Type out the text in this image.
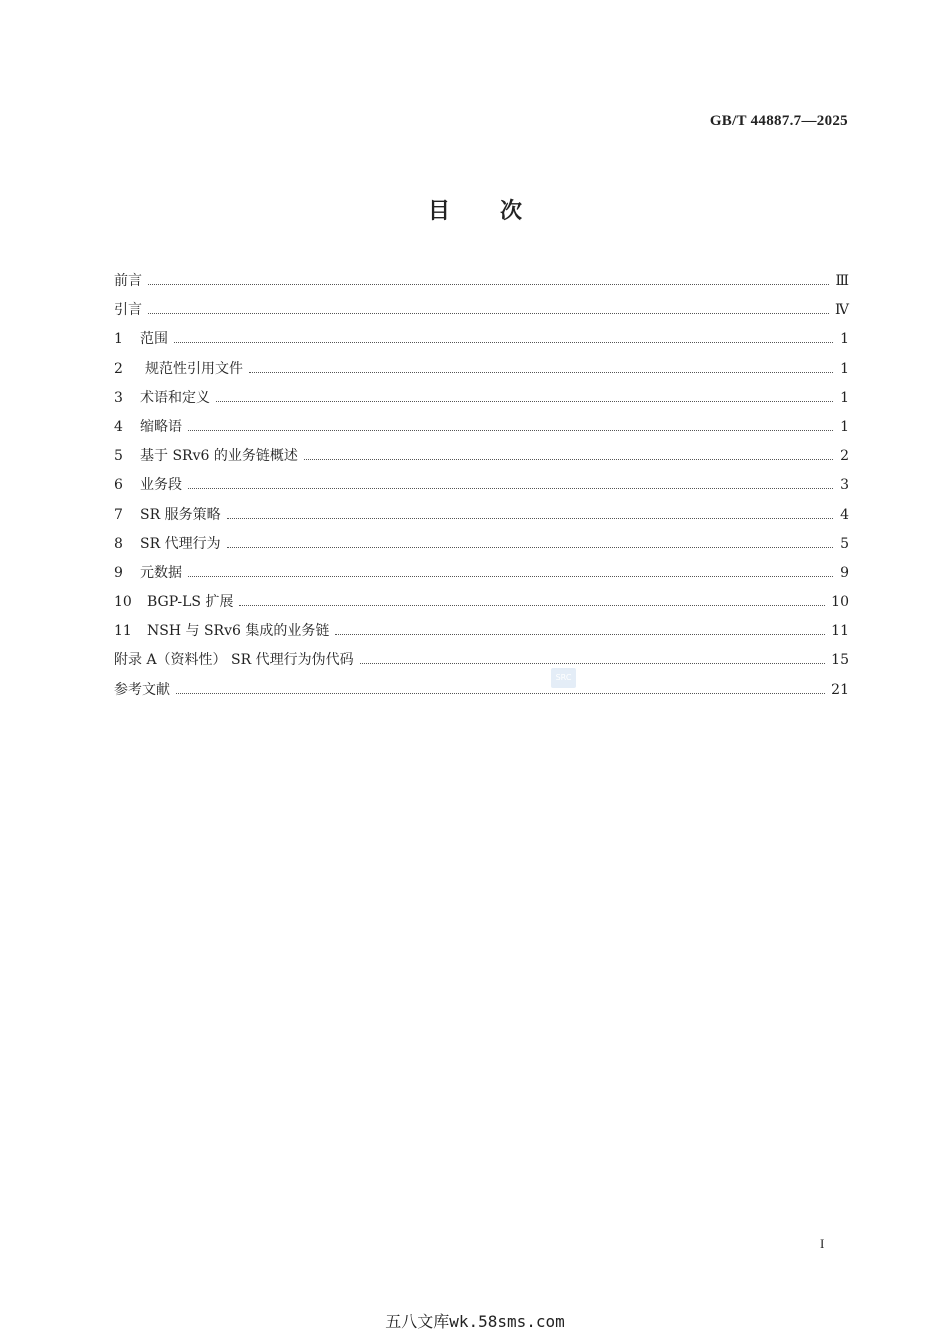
GB/T 44887.7—2025
目次
前言	Ⅲ
引言	Ⅳ
1	范围	1
2	规范性引用文件	1
3	术语和定义	1
4	缩略语	1
5	基于 SRv6 的业务链概述	2
6	业务段	3
7	SR 服务策略	4
8	SR 代理行为	5
9	元数据	9
10	BGP-LS 扩展	10
11	NSH 与 SRv6 集成的业务链	11
附录 A（资料性） SR 代理行为伪代码	15
参考文献	21
SRC
I
五八文库wk.58sms.com
